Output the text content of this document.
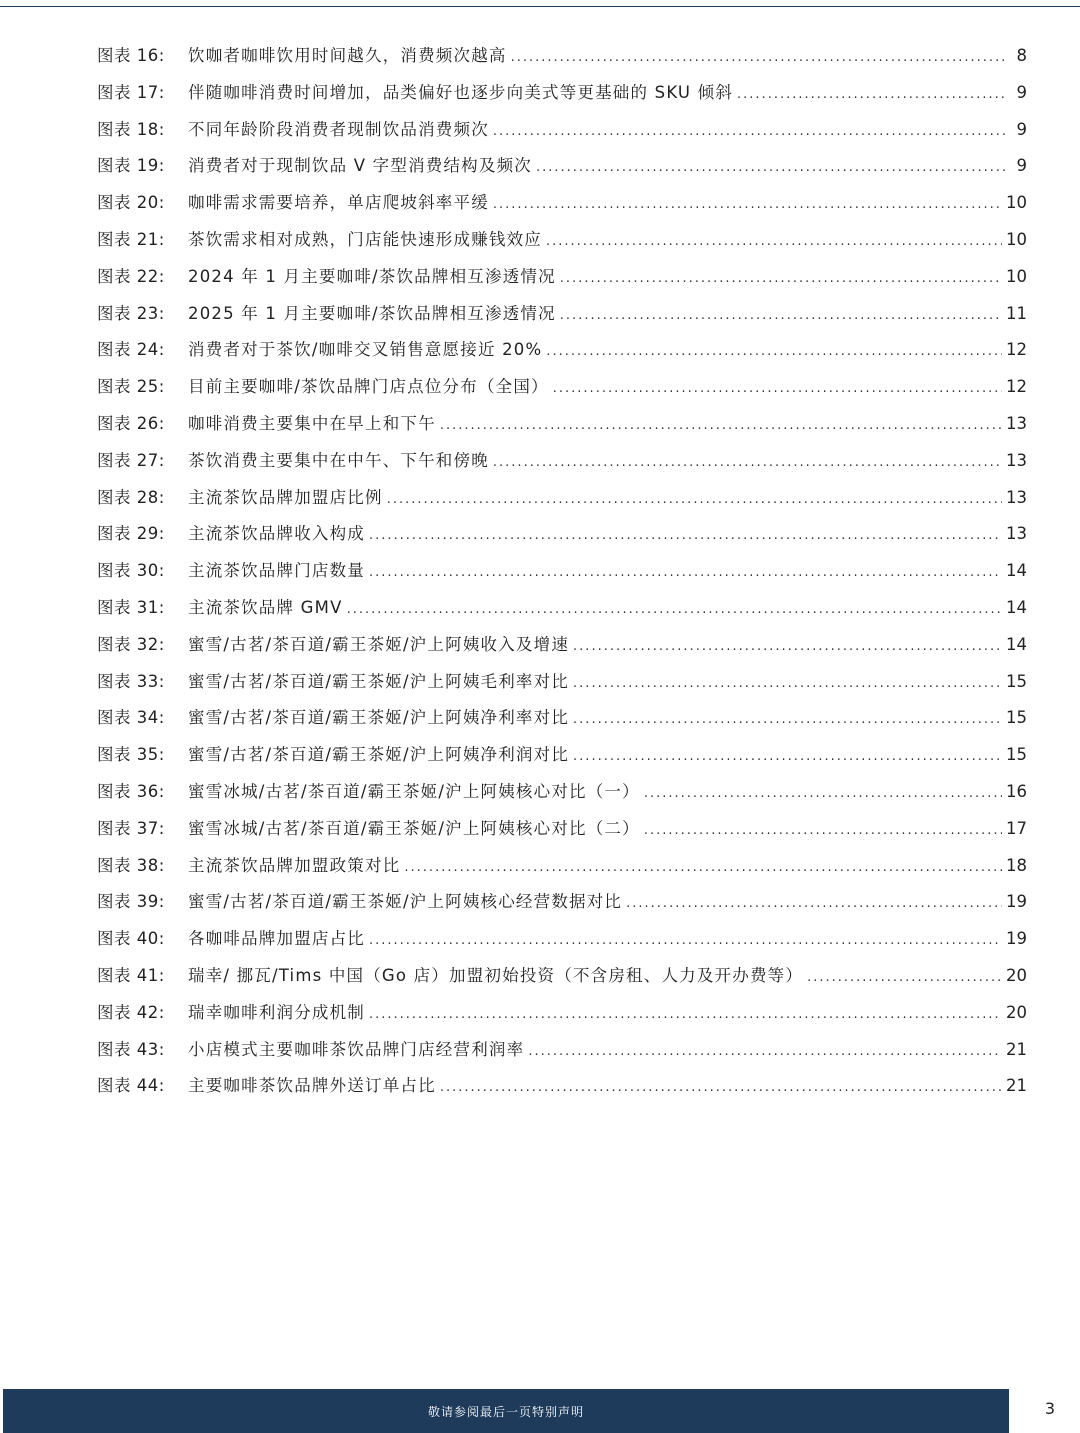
图表 16:	饮咖者咖啡饮用时间越久，消费频次越高 .....	8
图表 17:	伴随咖啡消费时间增加，品类偏好也逐步向美式等更基础的 SKU 倾斜 .....	9
图表 18:	不同年龄阶段消费者现制饮品消费频次 .....	9
图表 19:	消费者对于现制饮品 V 字型消费结构及频次 .....	9
图表 20:	咖啡需求需要培养，单店爬坡斜率平缓 .....	10
图表 21:	茶饮需求相对成熟，门店能快速形成赚钱效应 .....	10
图表 22:	2024 年 1 月主要咖啡/茶饮品牌相互渗透情况 .....	10
图表 23:	2025 年 1 月主要咖啡/茶饮品牌相互渗透情况 .....	11
图表 24:	消费者对于茶饮/咖啡交叉销售意愿接近 20% .....	12
图表 25:	目前主要咖啡/茶饮品牌门店点位分布（全国） .....	12
图表 26:	咖啡消费主要集中在早上和下午 .....	13
图表 27:	茶饮消费主要集中在中午、下午和傍晚 .....	13
图表 28:	主流茶饮品牌加盟店比例 .....	13
图表 29:	主流茶饮品牌收入构成 .....	13
图表 30:	主流茶饮品牌门店数量 .....	14
图表 31:	主流茶饮品牌 GMV .....	14
图表 32:	蜜雪/古茗/茶百道/霸王茶姬/沪上阿姨收入及增速 .....	14
图表 33:	蜜雪/古茗/茶百道/霸王茶姬/沪上阿姨毛利率对比 .....	15
图表 34:	蜜雪/古茗/茶百道/霸王茶姬/沪上阿姨净利率对比 .....	15
图表 35:	蜜雪/古茗/茶百道/霸王茶姬/沪上阿姨净利润对比 .....	15
图表 36:	蜜雪冰城/古茗/茶百道/霸王茶姬/沪上阿姨核心对比（一） .....	16
图表 37:	蜜雪冰城/古茗/茶百道/霸王茶姬/沪上阿姨核心对比（二） .....	17
图表 38:	主流茶饮品牌加盟政策对比 .....	18
图表 39:	蜜雪/古茗/茶百道/霸王茶姬/沪上阿姨核心经营数据对比 .....	19
图表 40:	各咖啡品牌加盟店占比 .....	19
图表 41:	瑞幸/ 挪瓦/Tims 中国（Go 店）加盟初始投资（不含房租、人力及开办费等） .....	20
图表 42:	瑞幸咖啡利润分成机制 .....	20
图表 43:	小店模式主要咖啡茶饮品牌门店经营利润率 .....	21
图表 44:	主要咖啡茶饮品牌外送订单占比 .....	21
敬请参阅最后一页特别声明	3
